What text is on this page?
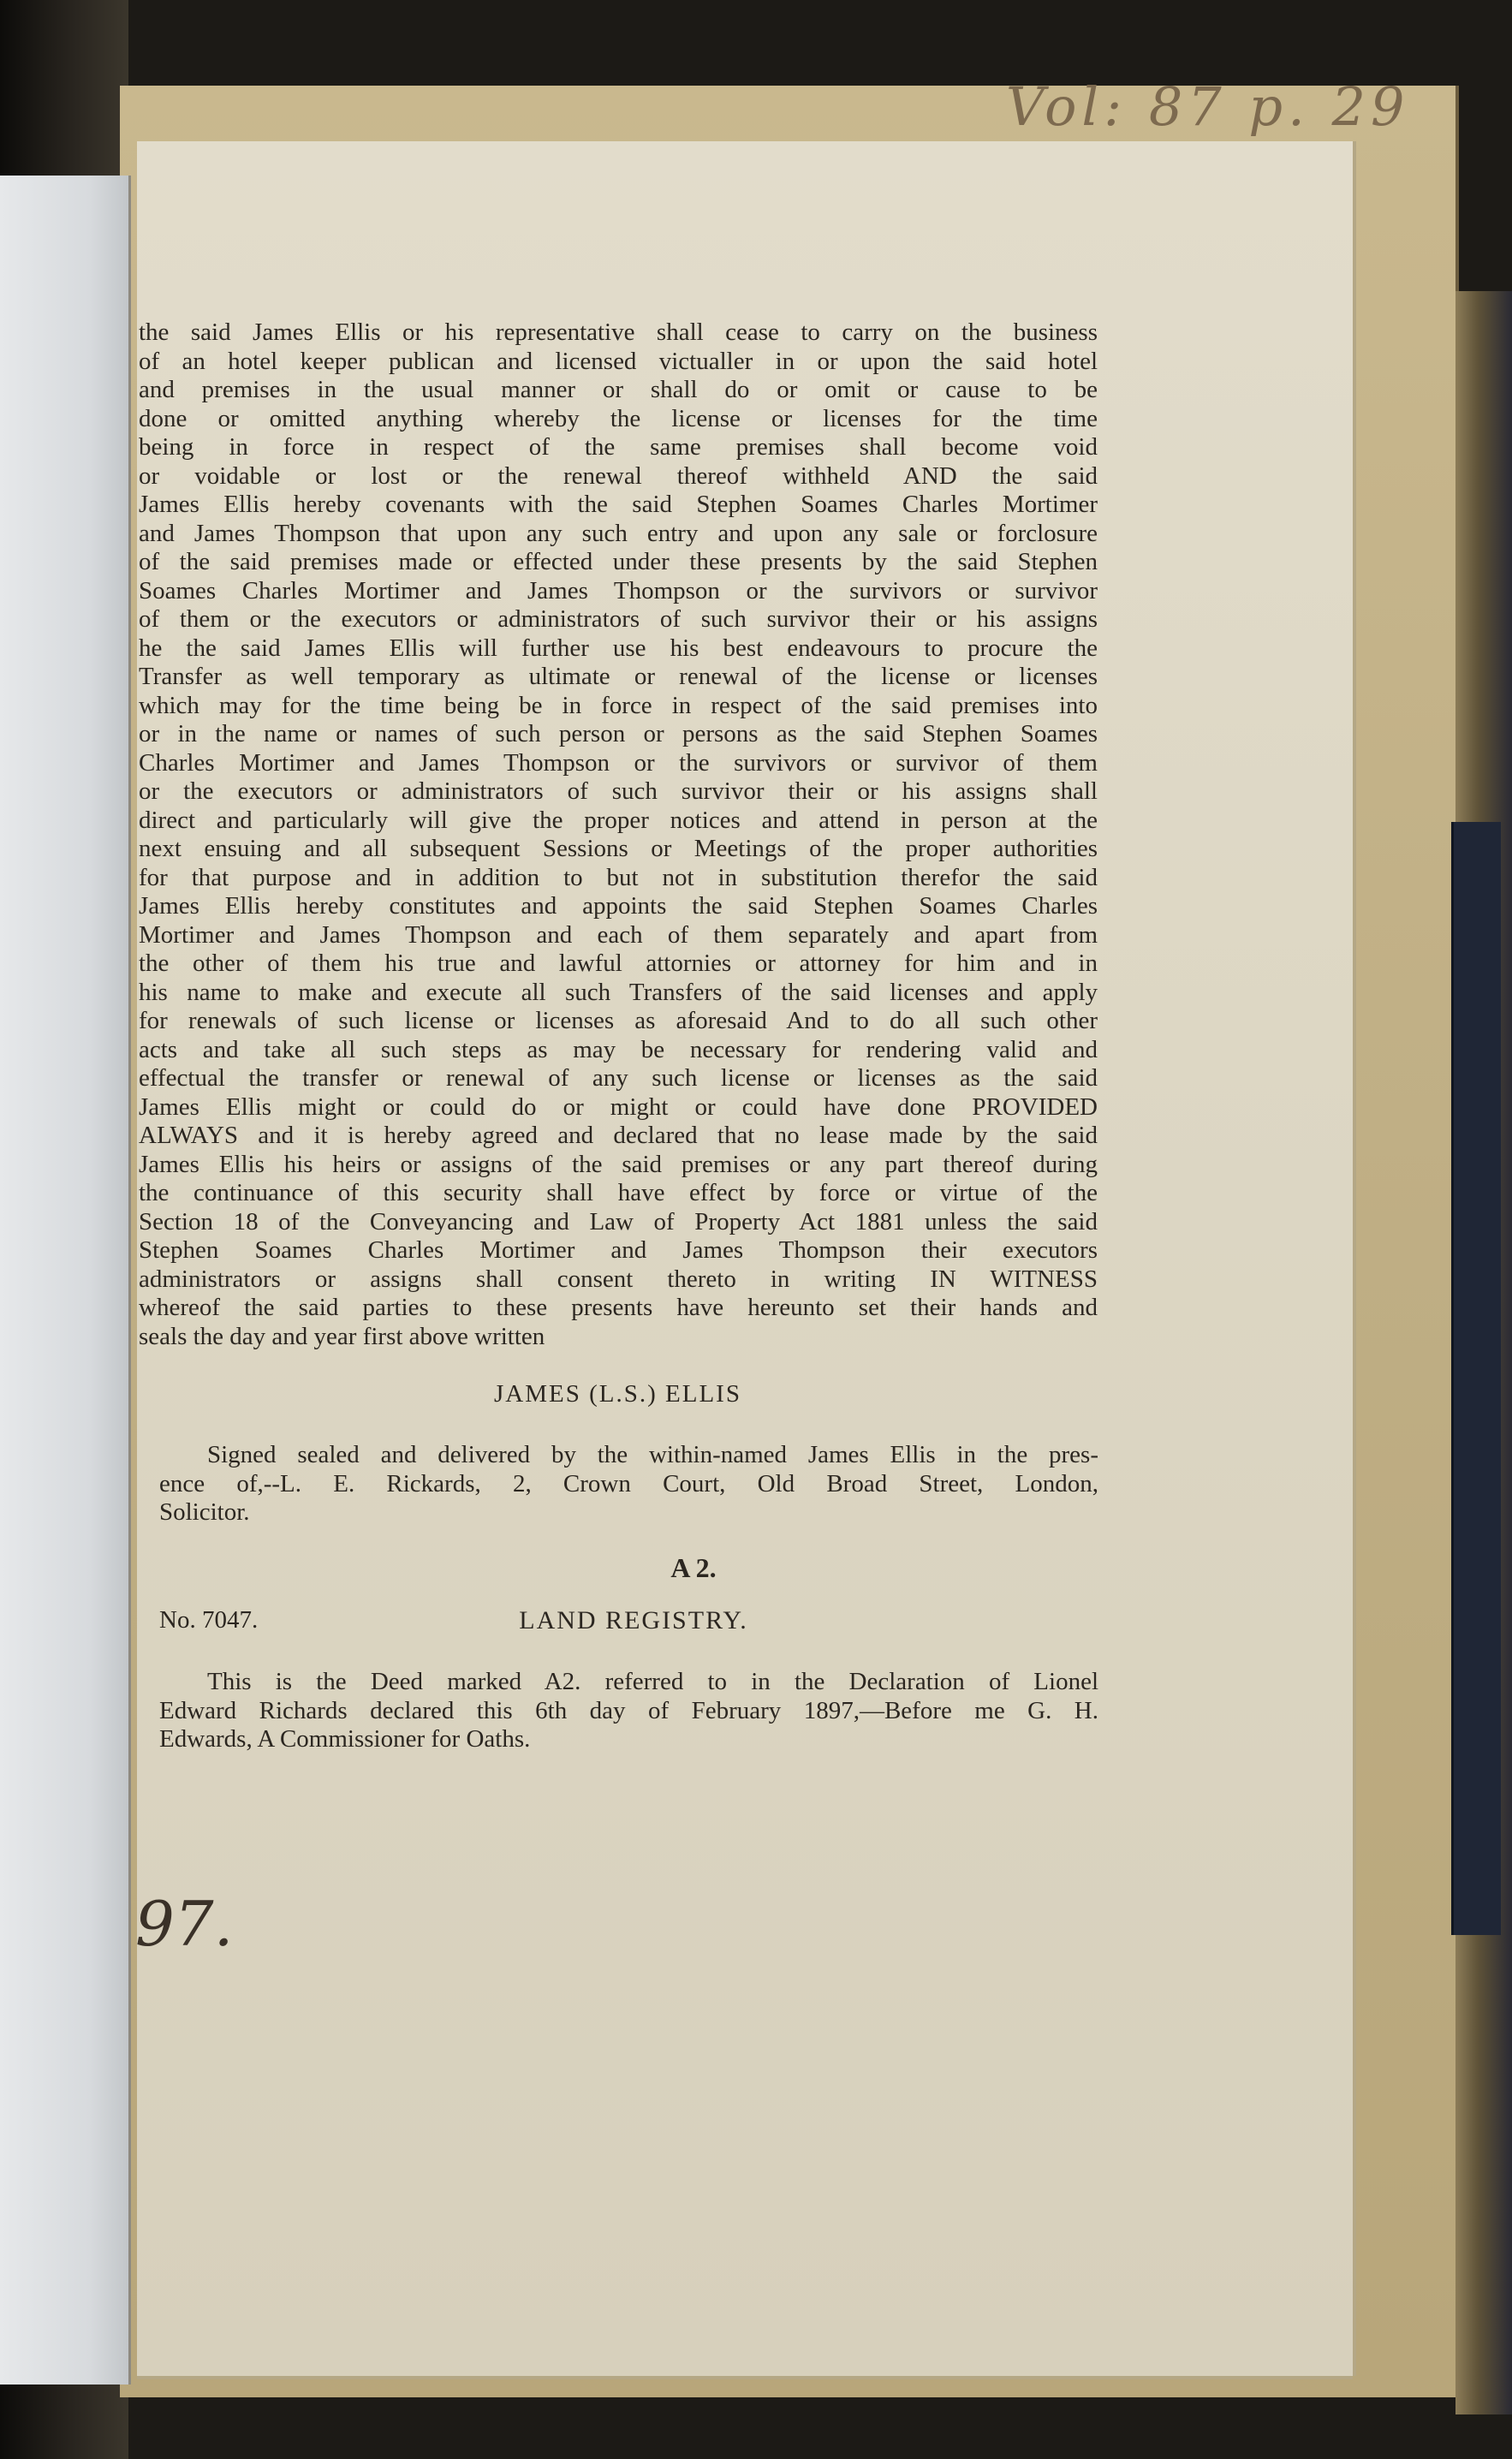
Vol: 87 p. 29
the said James Ellis or his representative shall cease to carry on the business
of an hotel keeper publican and licensed victualler in or upon the said hotel
and premises in the usual manner or shall do or omit or cause to be
done or omitted anything whereby the license or licenses for the time
being in force in respect of the same premises shall become void
or voidable or lost or the renewal thereof withheld AND the said
James Ellis hereby covenants with the said Stephen Soames Charles Mortimer
and James Thompson that upon any such entry and upon any sale or forclosure
of the said premises made or effected under these presents by the said Stephen
Soames Charles Mortimer and James Thompson or the survivors or survivor
of them or the executors or administrators of such survivor their or his assigns
he the said James Ellis will further use his best endeavours to procure the
Transfer as well temporary as ultimate or renewal of the license or licenses
which may for the time being be in force in respect of the said premises into
or in the name or names of such person or persons as the said Stephen Soames
Charles Mortimer and James Thompson or the survivors or survivor of them
or the executors or administrators of such survivor their or his assigns shall
direct and particularly will give the proper notices and attend in person at the
next ensuing and all subsequent Sessions or Meetings of the proper authorities
for that purpose and in addition to but not in substitution therefor the said
James Ellis hereby constitutes and appoints the said Stephen Soames Charles
Mortimer and James Thompson and each of them separately and apart from
the other of them his true and lawful attornies or attorney for him and in
his name to make and execute all such Transfers of the said licenses and apply
for renewals of such license or licenses as aforesaid And to do all such other
acts and take all such steps as may be necessary for rendering valid and
effectual the transfer or renewal of any such license or licenses as the said
James Ellis might or could do or might or could have done PROVIDED
ALWAYS and it is hereby agreed and declared that no lease made by the said
James Ellis his heirs or assigns of the said premises or any part thereof during
the continuance of this security shall have effect by force or virtue of the
Section 18 of the Conveyancing and Law of Property Act 1881 unless the said
Stephen Soames Charles Mortimer and James Thompson their executors
administrators or assigns shall consent thereto in writing IN WITNESS
whereof the said parties to these presents have hereunto set their hands and
seals the day and year first above written
JAMES (L.S.) ELLIS
Signed sealed and delivered by the within-named James Ellis in the pres-
ence of,--L. E. Rickards, 2, Crown Court, Old Broad Street, London,
Solicitor.
A 2.
No. 7047.	LAND REGISTRY.
This is the Deed marked A2. referred to in the Declaration of Lionel
Edward Richards declared this 6th day of February 1897,—Before me G. H.
Edwards, A Commissioner for Oaths.
97.
